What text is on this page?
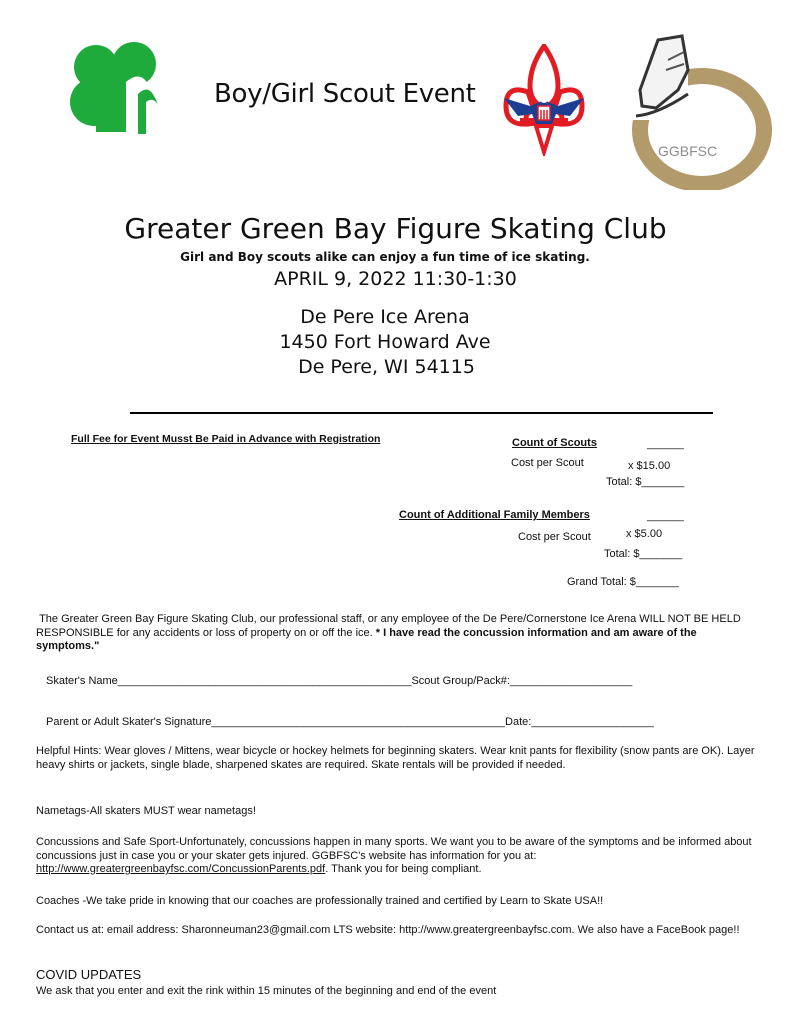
Boy/Girl Scout Event
GGBFSC
Greater Green Bay Figure Skating Club
Girl and Boy scouts alike can enjoy a fun time of ice skating.
APRIL 9, 2022 11:30-1:30
De Pere Ice Arena
1450 Fort Howard Ave
De Pere, WI 54115
Full Fee for Event Musst Be Paid in Advance with Registration	Count of Scouts	______
Cost per Scout	x $15.00
Total: $_______
Count of Additional Family Members	______
Cost per Scout	x $5.00
Total: $_______
Grand Total: $_______
The Greater Green Bay Figure Skating Club, our professional staff, or any employee of the De Pere/Cornerstone Ice Arena WILL NOT BE HELD RESPONSIBLE for any accidents or loss of property on or off the ice. * I have read the concussion information and am aware of the symptoms."
Skater's Name________________________________________________Scout Group/Pack#:____________________
Parent or Adult Skater's Signature________________________________________________Date:____________________
Helpful Hints: Wear gloves / Mittens, wear bicycle or hockey helmets for beginning skaters. Wear knit pants for flexibility (snow pants are OK). Layer heavy shirts or jackets, single blade, sharpened skates are required. Skate rentals will be provided if needed.
Nametags-All skaters MUST wear nametags!
Concussions and Safe Sport-Unfortunately, concussions happen in many sports. We want you to be aware of the symptoms and be informed about concussions just in case you or your skater gets injured. GGBFSC's website has information for you at: http://www.greatergreenbayfsc.com/ConcussionParents.pdf. Thank you for being compliant.
Coaches -We take pride in knowing that our coaches are professionally trained and certified by Learn to Skate USA!!
Contact us at: email address: Sharonneuman23@gmail.com LTS website: http://www.greatergreenbayfsc.com. We also have a FaceBook page!!
COVID UPDATES
We ask that you enter and exit the rink within 15 minutes of the beginning and end of the event
